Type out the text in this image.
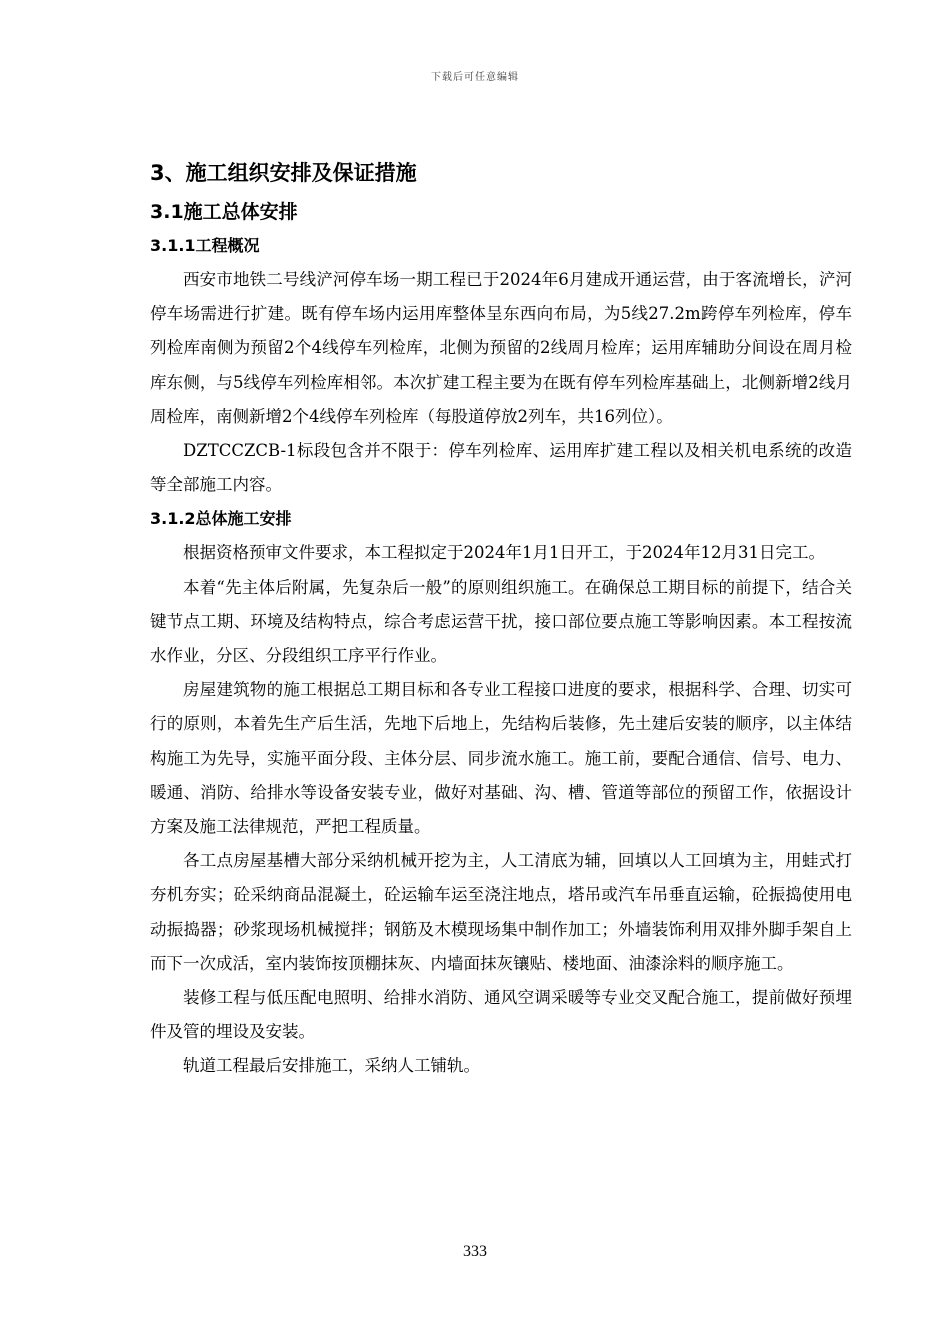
下载后可任意编辑
3、施工组织安排及保证措施
3.1施工总体安排
3.1.1工程概况

西安市地铁二号线浐河停车场一期工程已于2024年6月建成开通运营，由于客流增长，浐河停车场需进行扩建。既有停车场内运用库整体呈东西向布局，为5线27.2m跨停车列检库，停车列检库南侧为预留2个4线停车列检库，北侧为预留的2线周月检库；运用库辅助分间设在周月检库东侧，与5线停车列检库相邻。本次扩建工程主要为在既有停车列检库基础上，北侧新增2线月周检库，南侧新增2个4线停车列检库（每股道停放2列车，共16列位）。

DZTCCZCB-1标段包含并不限于：停车列检库、运用库扩建工程以及相关机电系统的改造等全部施工内容。

3.1.2总体施工安排

根据资格预审文件要求，本工程拟定于2024年1月1日开工，于2024年12月31日完工。

本着“先主体后附属，先复杂后一般”的原则组织施工。在确保总工期目标的前提下，结合关键节点工期、环境及结构特点，综合考虑运营干扰，接口部位要点施工等影响因素。本工程按流水作业，分区、分段组织工序平行作业。

房屋建筑物的施工根据总工期目标和各专业工程接口进度的要求，根据科学、合理、切实可行的原则，本着先生产后生活，先地下后地上，先结构后装修，先土建后安装的顺序，以主体结构施工为先导，实施平面分段、主体分层、同步流水施工。施工前，要配合通信、信号、电力、暖通、消防、给排水等设备安装专业，做好对基础、沟、槽、管道等部位的预留工作，依据设计方案及施工法律规范，严把工程质量。

各工点房屋基槽大部分采纳机械开挖为主，人工清底为辅，回填以人工回填为主，用蛙式打夯机夯实；砼采纳商品混凝土，砼运输车运至浇注地点，塔吊或汽车吊垂直运输，砼振捣使用电动振捣器；砂浆现场机械搅拌；钢筋及木模现场集中制作加工；外墙装饰利用双排外脚手架自上而下一次成活，室内装饰按顶棚抹灰、内墙面抹灰镶贴、楼地面、油漆涂料的顺序施工。

装修工程与低压配电照明、给排水消防、通风空调采暖等专业交叉配合施工，提前做好预埋件及管的埋设及安装。

轨道工程最后安排施工，采纳人工铺轨。

333
